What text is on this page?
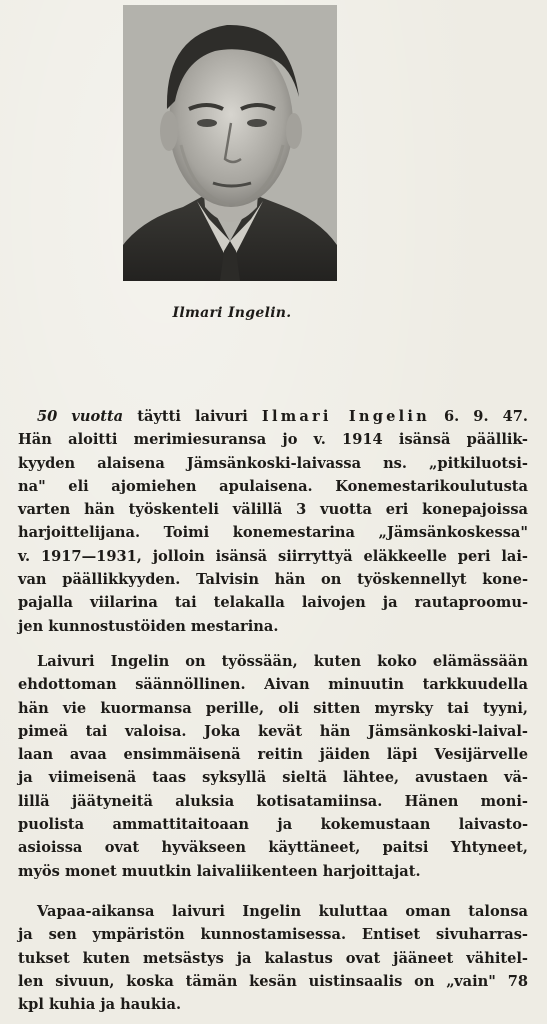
Ilmari Ingelin.
50 vuotta täytti laivuri Ilmari Ingelin 6. 9. 47.
Hän aloitti merimiesuransa jo v. 1914 isänsä päällik-
kyyden alaisena Jämsänkoski-laivassa ns. „pitkiluotsi-
na" eli ajomiehen apulaisena. Konemestarikoulutusta
varten hän työskenteli välillä 3 vuotta eri konepajoissa
harjoittelijana. Toimi konemestarina „Jämsänkoskessa"
v. 1917—1931, jolloin isänsä siirryttyä eläkkeelle peri lai-
van päällikkyyden. Talvisin hän on työskennellyt kone-
pajalla viilarina tai telakalla laivojen ja rautaproomu-
jen kunnostustöiden mestarina.
Laivuri Ingelin on työssään, kuten koko elämässään
ehdottoman säännöllinen. Aivan minuutin tarkkuudella
hän vie kuormansa perille, oli sitten myrsky tai tyyni,
pimeä tai valoisa. Joka kevät hän Jämsänkoski-laival-
laan avaa ensimmäisenä reitin jäiden läpi Vesijärvelle
ja viimeisenä taas syksyllä sieltä lähtee, avustaen vä-
lillä jäätyneitä aluksia kotisatamiinsa. Hänen moni-
puolista ammattitaitoaan ja kokemustaan laivasto-
asioissa ovat hyväkseen käyttäneet, paitsi Yhtyneet,
myös monet muutkin laivaliikenteen harjoittajat.
Vapaa-aikansa laivuri Ingelin kuluttaa oman talonsa
ja sen ympäristön kunnostamisessa. Entiset sivuharras-
tukset kuten metsästys ja kalastus ovat jääneet vähitel-
len sivuun, koska tämän kesän uistinsaalis on „vain" 78
kpl kuhia ja haukia.
